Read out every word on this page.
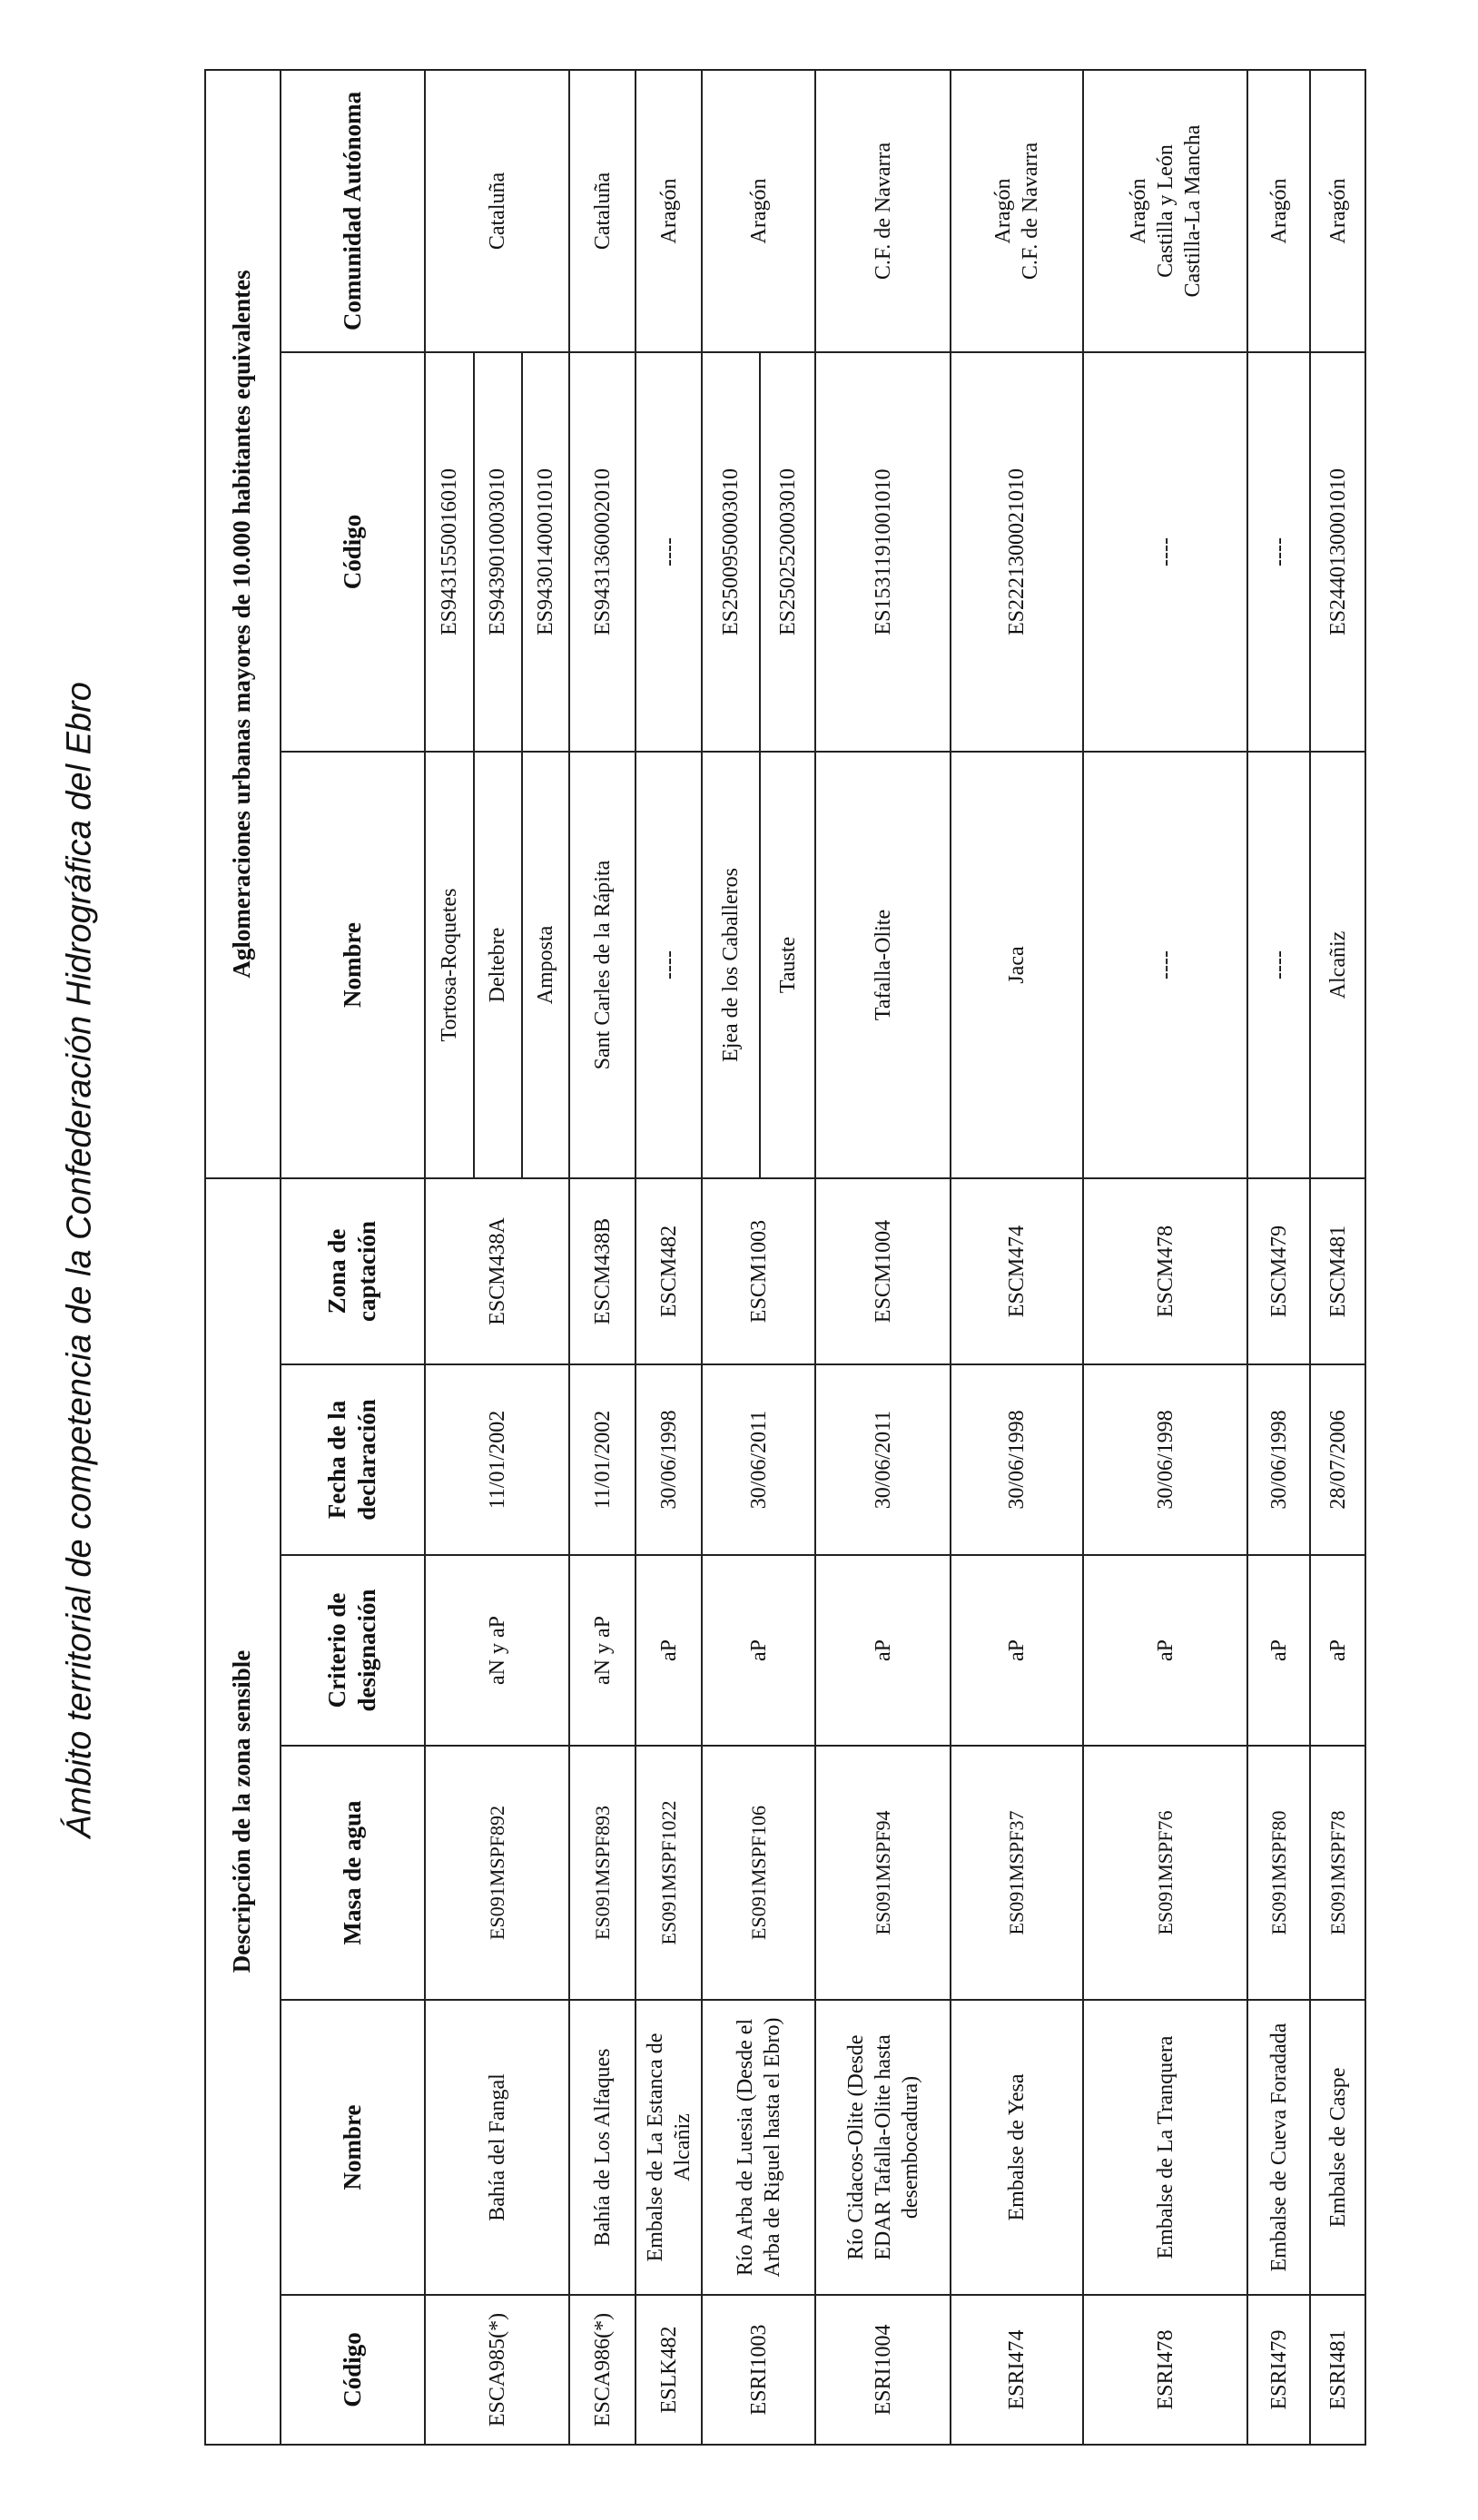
Ámbito territorial de competencia de la Confederación Hidrográfica del Ebro	Descripción de la zona sensible						Aglomeraciones urbanas mayores de 10.000 habitantes equivalentes		
Código	Nombre	Masa de agua	Criterio de designación	Fecha de la declaración	Zona de captación	Nombre	Código	Comunidad Autónoma
ESCA985(*)	Bahía del Fangal	ES091MSPF892	aN y aP	11/01/2002	ESCM438A	Tortosa-Roquetes	ES9431550016010	Cataluña
						Deltebre	ES9439010003010	
						Amposta	ES9430140001010	
ESCA986(*)	Bahía de Los Alfaques	ES091MSPF893	aN y aP	11/01/2002	ESCM438B	Sant Carles de la Rápita	ES9431360002010	Cataluña
ESLK482	Embalse de La Estanca de Alcañiz	ES091MSPF1022	aP	30/06/1998	ESCM482	----	----	Aragón
ESRI1003	Río Arba de Luesia (Desde el Arba de Riguel hasta el Ebro)	ES091MSPF106	aP	30/06/2011	ESCM1003	Ejea de los Caballeros	ES2500950003010	Aragón
						Tauste	ES2502520003010	
ESRI1004	Río Cidacos-Olite (Desde EDAR Tafalla-Olite hasta desembocadura)	ES091MSPF94	aP	30/06/2011	ESCM1004	Tafalla-Olite	ES1531191001010	C.F. de Navarra
ESRI474	Embalse de Yesa	ES091MSPF37	aP	30/06/1998	ESCM474	Jaca	ES2221300021010	Aragón C.F. de Navarra

ESRI478	Embalse de La Tranquera	ES091MSPF76	aP	30/06/1998	ESCM478	----	----	Aragón Castilla y León Castilla-La Mancha

ESRI479	Embalse de Cueva Foradada	ES091MSPF80	aP	30/06/1998	ESCM479	----	----	Aragón
ESRI481	Embalse de Caspe	ES091MSPF78	aP	28/07/2006	ESCM481	Alcañiz	ES2440130001010	Aragón
